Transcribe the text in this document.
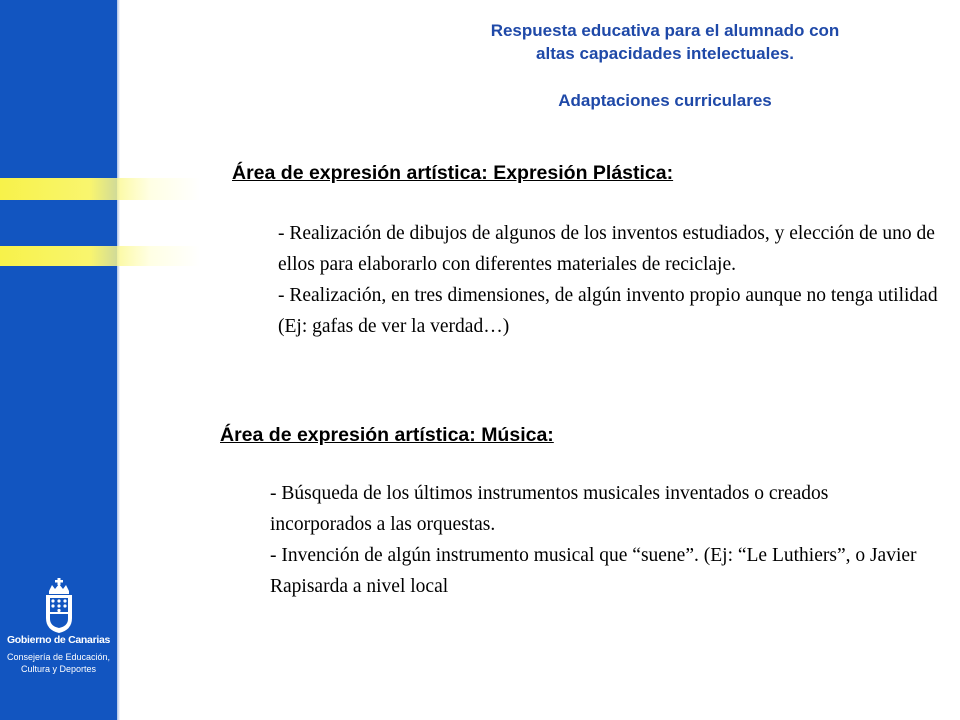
Respuesta educativa para el alumnado con
altas capacidades intelectuales.
Adaptaciones curriculares
Área de expresión artística: Expresión Plástica:

- Realización de dibujos de algunos de los inventos estudiados, y elección de uno de ellos para elaborarlo con diferentes materiales de reciclaje.

- Realización, en tres dimensiones, de algún invento propio aunque no tenga utilidad (Ej: gafas de ver la verdad…)

Área de expresión artística: Música:

- Búsqueda de los últimos instrumentos musicales inventados o creados incorporados a las orquestas.

- Invención de algún instrumento musical que “suene”. (Ej: “Le Luthiers”, o Javier Rapisarda a nivel local

Gobierno de Canarias
Consejería de Educación,
Cultura y Deportes
